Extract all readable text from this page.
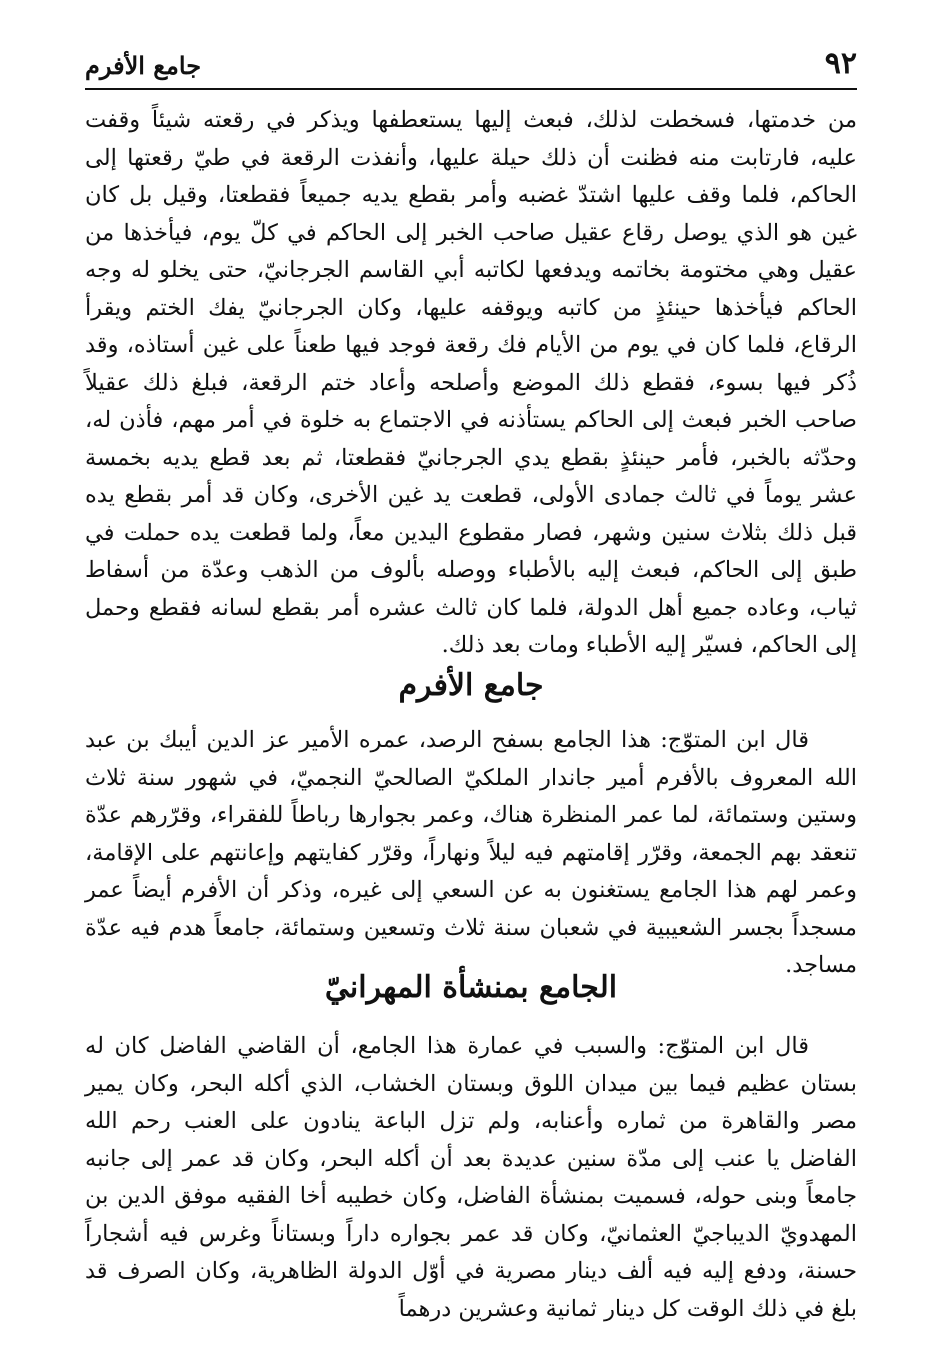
٩٢
جامع الأفرم

من خدمتها، فسخطت لذلك، فبعث إليها يستعطفها ويذكر في رقعته شيئاً وقفت عليه، فارتابت منه فظنت أن ذلك حيلة عليها، وأنفذت الرقعة في طيّ رقعتها إلى الحاكم، فلما وقف عليها اشتدّ غضبه وأمر بقطع يديه جميعاً فقطعتا، وقيل بل كان غين هو الذي يوصل رقاع عقيل صاحب الخبر إلى الحاكم في كلّ يوم، فيأخذها من عقيل وهي مختومة بخاتمه ويدفعها لكاتبه أبي القاسم الجرجانيّ، حتى يخلو له وجه الحاكم فيأخذها حينئذٍ من كاتبه ويوقفه عليها، وكان الجرجانيّ يفك الختم ويقرأ الرقاع، فلما كان في يوم من الأيام فك رقعة فوجد فيها طعناً على غين أستاذه، وقد ذُكر فيها بسوء، فقطع ذلك الموضع وأصلحه وأعاد ختم الرقعة، فبلغ ذلك عقيلاً صاحب الخبر فبعث إلى الحاكم يستأذنه في الاجتماع به خلوة في أمر مهم، فأذن له، وحدّثه بالخبر، فأمر حينئذٍ بقطع يدي الجرجانيّ فقطعتا، ثم بعد قطع يديه بخمسة عشر يوماً في ثالث جمادى الأولى، قطعت يد غين الأخرى، وكان قد أمر بقطع يده قبل ذلك بثلاث سنين وشهر، فصار مقطوع اليدين معاً، ولما قطعت يده حملت في طبق إلى الحاكم، فبعث إليه بالأطباء ووصله بألوف من الذهب وعدّة من أسفاط ثياب، وعاده جميع أهل الدولة، فلما كان ثالث عشره أمر بقطع لسانه فقطع وحمل إلى الحاكم، فسيّر إليه الأطباء ومات بعد ذلك.

جامع الأفرم

قال ابن المتوّج: هذا الجامع بسفح الرصد، عمره الأمير عز الدين أيبك بن عبد الله المعروف بالأفرم أمير جاندار الملكيّ الصالحيّ النجميّ، في شهور سنة ثلاث وستين وستمائة، لما عمر المنظرة هناك، وعمر بجوارها رباطاً للفقراء، وقرّرهم عدّة تنعقد بهم الجمعة، وقرّر إقامتهم فيه ليلاً ونهاراً، وقرّر كفايتهم وإعانتهم على الإقامة، وعمر لهم هذا الجامع يستغنون به عن السعي إلى غيره، وذكر أن الأفرم أيضاً عمر مسجداً بجسر الشعيبية في شعبان سنة ثلاث وتسعين وستمائة، جامعاً هدم فيه عدّة مساجد.

الجامع بمنشأة المهرانيّ

قال ابن المتوّج: والسبب في عمارة هذا الجامع، أن القاضي الفاضل كان له بستان عظيم فيما بين ميدان اللوق وبستان الخشاب، الذي أكله البحر، وكان يمير مصر والقاهرة من ثماره وأعنابه، ولم تزل الباعة ينادون على العنب رحم الله الفاضل يا عنب إلى مدّة سنين عديدة بعد أن أكله البحر، وكان قد عمر إلى جانبه جامعاً وبنى حوله، فسميت بمنشأة الفاضل، وكان خطيبه أخا الفقيه موفق الدين بن المهدويّ الديباجيّ العثمانيّ، وكان قد عمر بجواره داراً وبستاناً وغرس فيه أشجاراً حسنة، ودفع إليه فيه ألف دينار مصرية في أوّل الدولة الظاهرية، وكان الصرف قد بلغ في ذلك الوقت كل دينار ثمانية وعشرين درهماً
